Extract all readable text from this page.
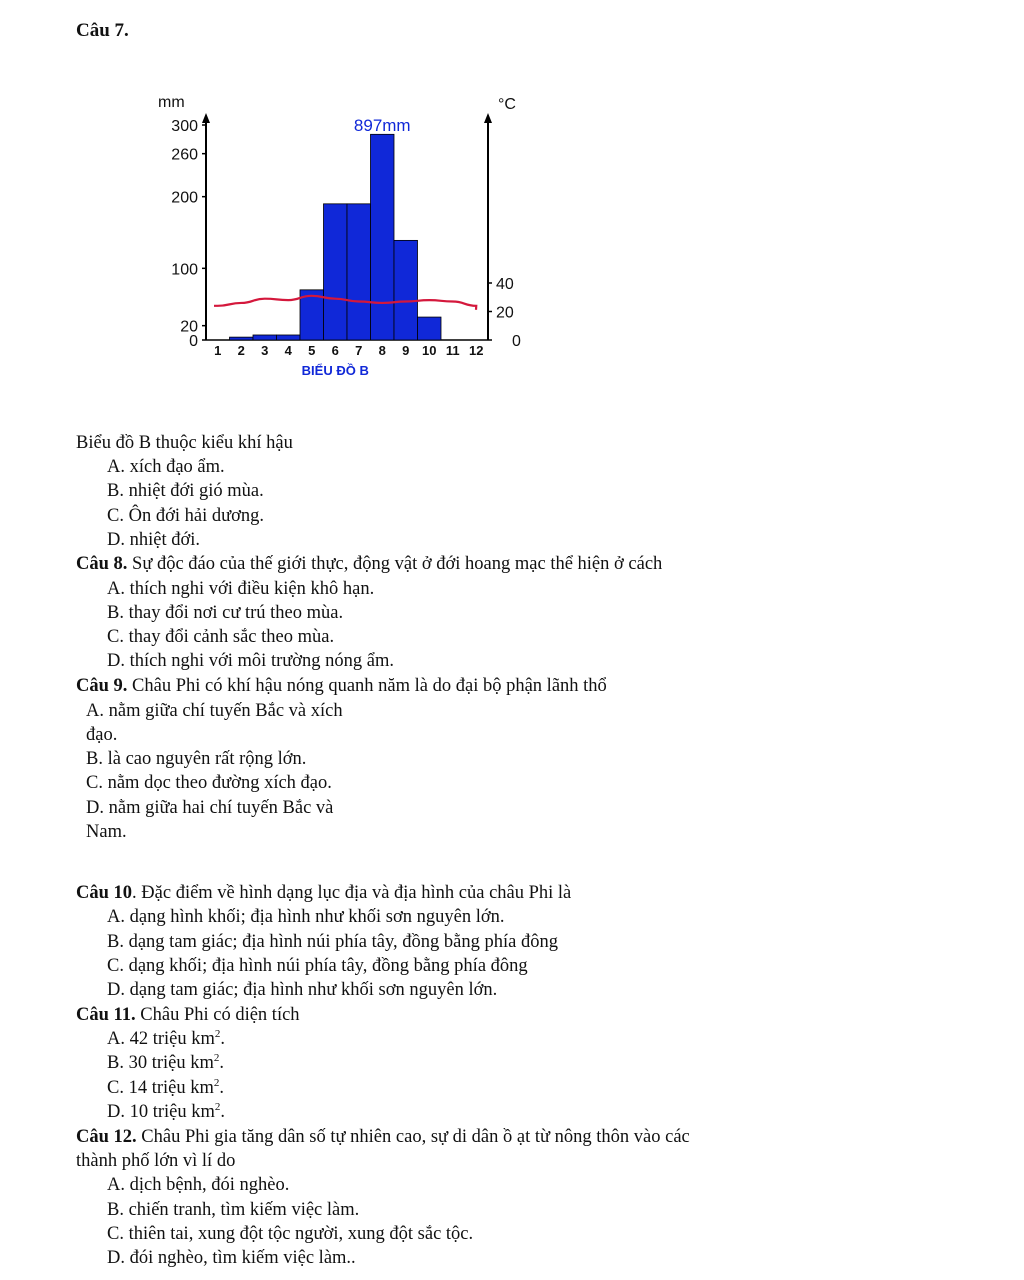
Câu 7.
0
20
100
200
260
300
0
20
40
1 2 3 4 5 6 7 8 9 10 11 12
mm	°C
897mm
BIỂU ĐỒ B
Biểu đồ B thuộc kiểu khí hậu
A. xích đạo ẩm.
B. nhiệt đới gió mùa.
C. Ôn đới hải dương.
D. nhiệt đới.
Câu 8. Sự độc đáo của thế giới thực, động vật ở đới hoang mạc thể hiện ở cách
A. thích nghi với điều kiện khô hạn.
B. thay đổi nơi cư trú theo mùa.
C. thay đổi cảnh sắc theo mùa.
D. thích nghi với môi trường nóng ẩm.
Câu 9. Châu Phi có khí hậu nóng quanh năm là do đại bộ phận lãnh thổ
A. nằm giữa chí tuyến Bắc và xích
đạo.
B. là cao nguyên rất rộng lớn.
C. nằm dọc theo đường xích đạo.
D. nằm giữa hai chí tuyến Bắc và
Nam.
Câu 10. Đặc điểm về hình dạng lục địa và địa hình của châu Phi là
A. dạng hình khối; địa hình như khối sơn nguyên lớn.
B. dạng tam giác; địa hình núi phía tây, đồng bằng phía đông
C. dạng khối; địa hình núi phía tây, đồng bằng phía đông
D. dạng tam giác; địa hình như khối sơn nguyên lớn.
Câu 11. Châu Phi có diện tích
A. 42 triệu $km^2$.
B. 30 triệu $km^2$.
C. 14 triệu $km^2$.
D. 10 triệu $km^2$.
Câu 12. Châu Phi gia tăng dân số tự nhiên cao, sự di dân ồ ạt từ nông thôn vào các
thành phố lớn vì lí do
A. dịch bệnh, đói nghèo.
B. chiến tranh, tìm kiếm việc làm.
C. thiên tai, xung đột tộc người, xung đột sắc tộc.
D. đói nghèo, tìm kiếm việc làm..
